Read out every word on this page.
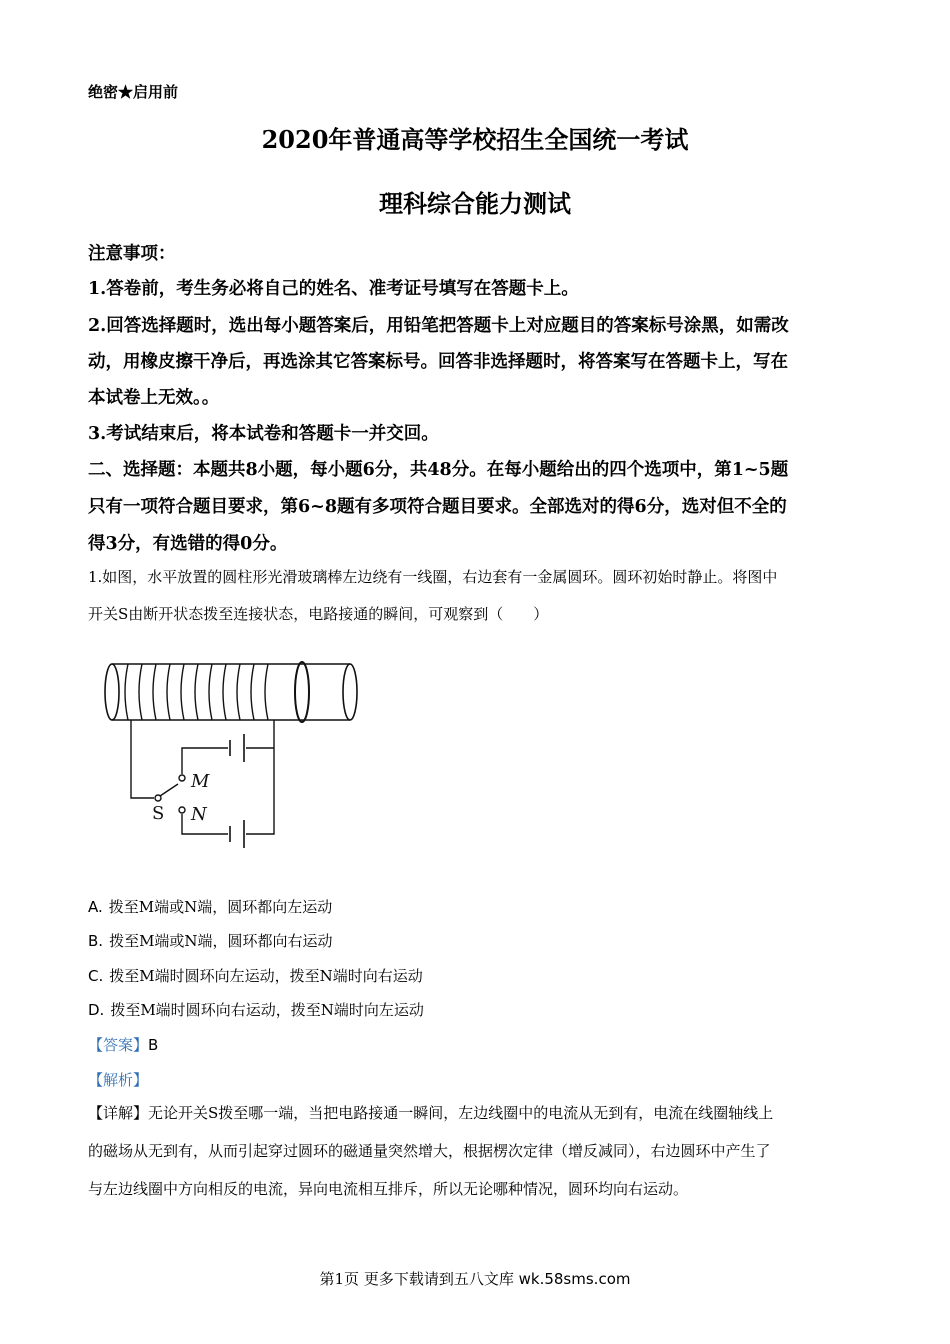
绝密★启用前
2020年普通高等学校招生全国统一考试
理科综合能力测试
注意事项：
1.答卷前，考生务必将自己的姓名、准考证号填写在答题卡上。
2.回答选择题时，选出每小题答案后，用铅笔把答题卡上对应题目的答案标号涂黑，如需改
动，用橡皮擦干净后，再选涂其它答案标号。回答非选择题时，将答案写在答题卡上，写在
本试卷上无效。。
3.考试结束后，将本试卷和答题卡一并交回。
二、选择题：本题共8小题，每小题6分，共48分。在每小题给出的四个选项中，第1~5题
只有一项符合题目要求，第6~8题有多项符合题目要求。全部选对的得6分，选对但不全的
得3分，有选错的得0分。
1.如图，水平放置的圆柱形光滑玻璃棒左边绕有一线圈，右边套有一金属圆环。圆环初始时静止。将图中
开关S由断开状态拨至连接状态，电路接通的瞬间，可观察到（　　）
M
N
S
A. 拨至M端或N端，圆环都向左运动
B. 拨至M端或N端，圆环都向右运动
C. 拨至M端时圆环向左运动，拨至N端时向右运动
D. 拨至M端时圆环向右运动，拨至N端时向左运动
【答案】B
【解析】
【详解】无论开关S拨至哪一端，当把电路接通一瞬间，左边线圈中的电流从无到有，电流在线圈轴线上
的磁场从无到有，从而引起穿过圆环的磁通量突然增大，根据楞次定律（增反减同），右边圆环中产生了
与左边线圈中方向相反的电流，异向电流相互排斥，所以无论哪种情况，圆环均向右运动。
第1页 更多下载请到五八文库 wk.58sms.com
